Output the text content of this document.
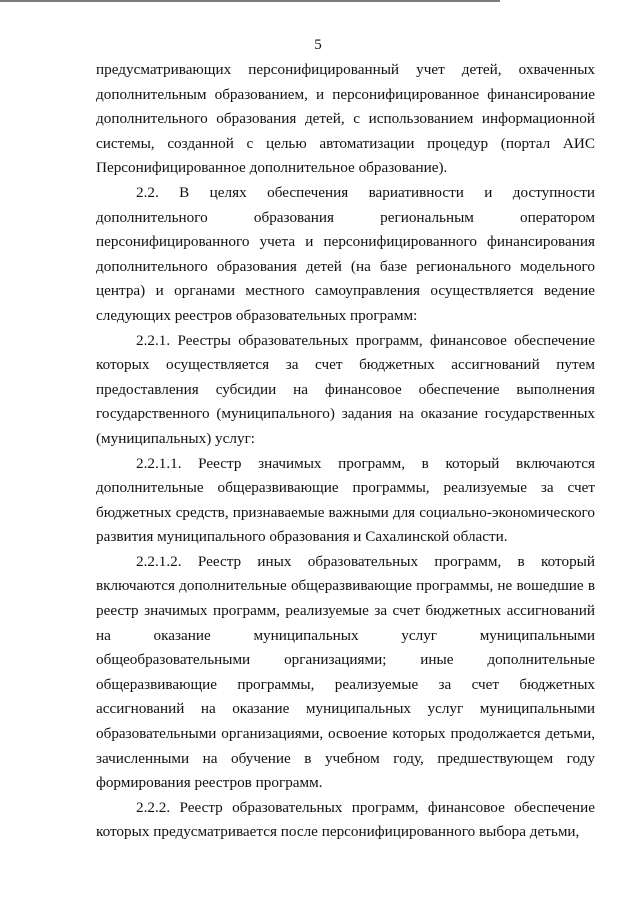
5

предусматривающих персонифицированный учет детей, охваченных дополнительным образованием, и персонифицированное финансирование дополнительного образования детей, с использованием информационной системы, созданной с целью автоматизации процедур (портал АИС Персонифицированное дополнительное образование).

2.2. В целях обеспечения вариативности и доступности дополнительного образования региональным оператором персонифицированного учета и персонифицированного финансирования дополнительного образования детей (на базе регионального модельного центра) и органами местного самоуправления осуществляется ведение следующих реестров образовательных программ:

2.2.1. Реестры образовательных программ, финансовое обеспечение которых осуществляется за счет бюджетных ассигнований путем предоставления субсидии на финансовое обеспечение выполнения государственного (муниципального) задания на оказание государственных (муниципальных) услуг:

2.2.1.1. Реестр значимых программ, в который включаются дополнительные общеразвивающие программы, реализуемые за счет бюджетных средств, признаваемые важными для социально-экономического развития муниципального образования и Сахалинской области.

2.2.1.2. Реестр иных образовательных программ, в который включаются дополнительные общеразвивающие программы, не вошедшие в реестр значимых программ, реализуемые за счет бюджетных ассигнований на оказание муниципальных услуг муниципальными общеобразовательными организациями; иные дополнительные общеразвивающие программы, реализуемые за счет бюджетных ассигнований на оказание муниципальных услуг муниципальными образовательными организациями, освоение которых продолжается детьми, зачисленными на обучение в учебном году, предшествующем году формирования реестров программ.

2.2.2. Реестр образовательных программ, финансовое обеспечение которых предусматривается после персонифицированного выбора детьми,
